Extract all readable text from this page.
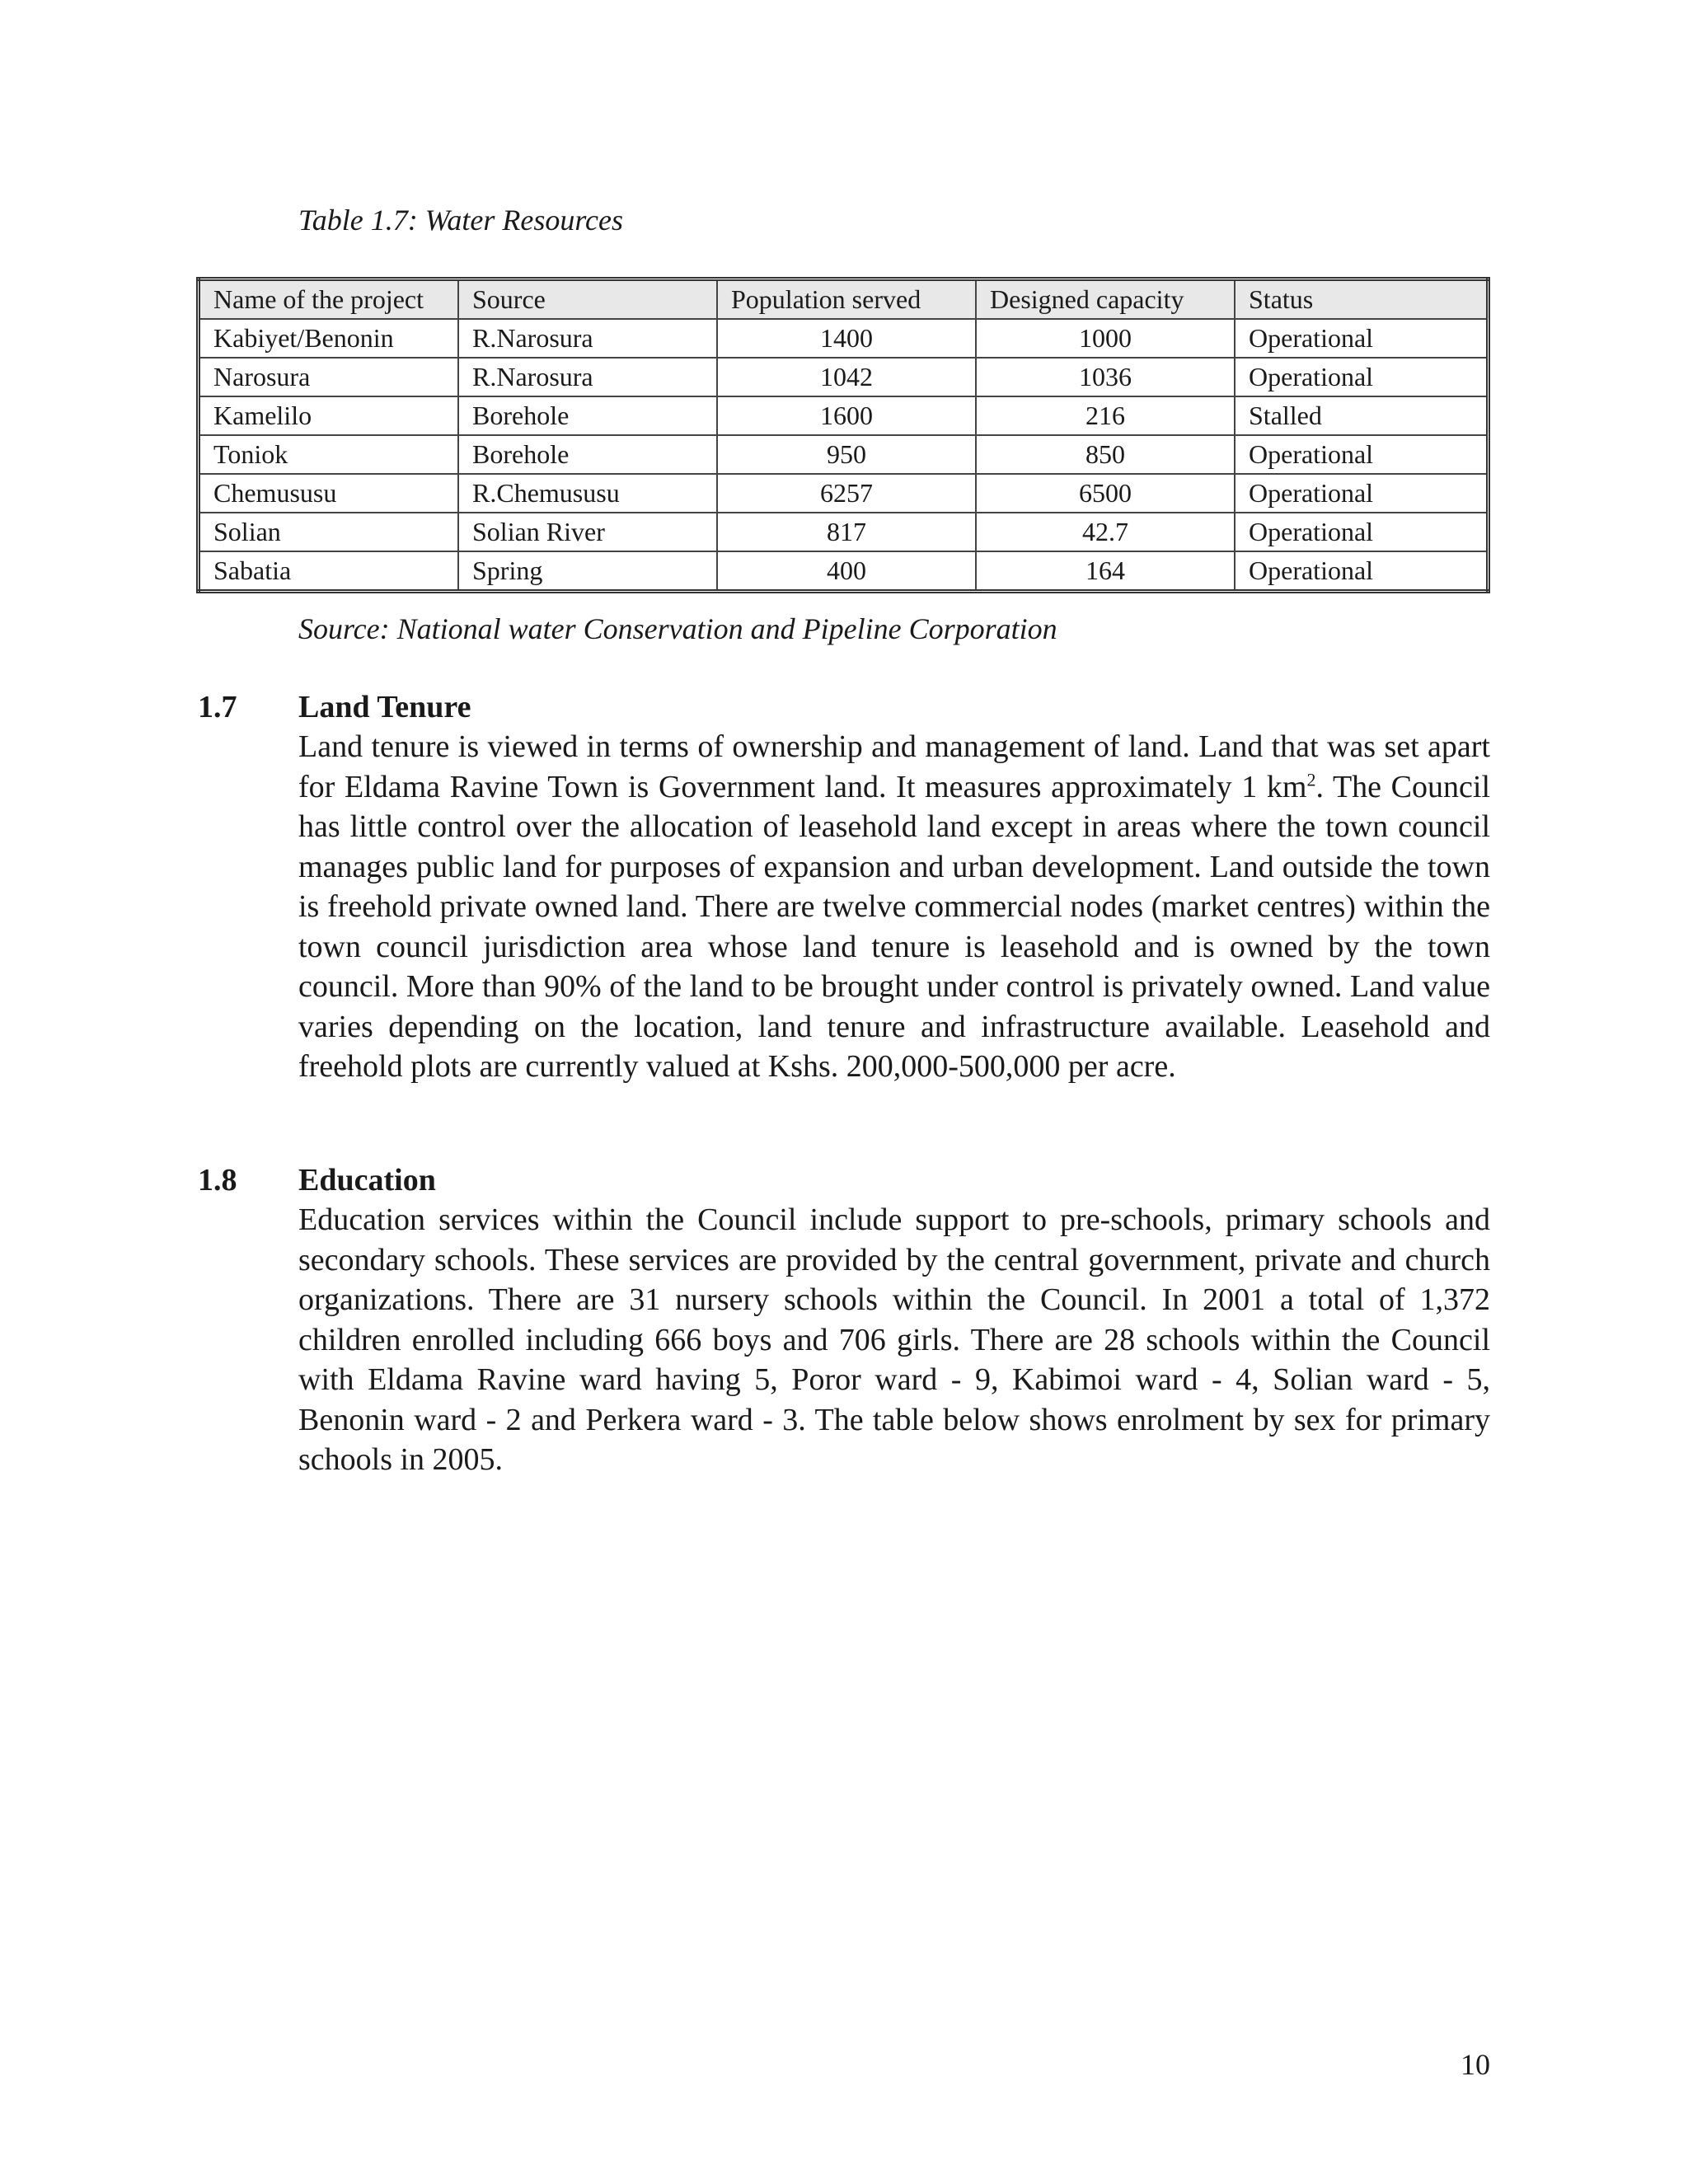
Table 1.7: Water Resources
Name of the project	Source	Population served	Designed capacity	Status
Kabiyet/Benonin	R.Narosura	1400	1000	Operational
Narosura	R.Narosura	1042	1036	Operational
Kamelilo	Borehole	1600	216	Stalled
Toniok	Borehole	950	850	Operational
Chemususu	R.Chemususu	6257	6500	Operational
Solian	Solian River	817	42.7	Operational
Sabatia	Spring	400	164	Operational
Source: National water Conservation and Pipeline Corporation
1.7 Land Tenure
Land tenure is viewed in terms of ownership and management of land. Land that was set apart for Eldama Ravine Town is Government land. It measures approximately 1 $km^2$. The Council has little control over the allocation of leasehold land except in areas where the town council manages public land for purposes of expansion and urban development. Land outside the town is freehold private owned land. There are twelve commercial nodes (market centres) within the town council jurisdiction area whose land tenure is leasehold and is owned by the town council. More than 90% of the land to be brought under control is privately owned. Land value varies depending on the location, land tenure and infrastructure available. Leasehold and freehold plots are currently valued at Kshs. 200,000-500,000 per acre.
1.8 Education
Education services within the Council include support to pre-schools, primary schools and secondary schools. These services are provided by the central government, private and church organizations. There are 31 nursery schools within the Council. In 2001 a total of 1,372 children enrolled including 666 boys and 706 girls. There are 28 schools within the Council with Eldama Ravine ward having 5, Poror ward - 9, Kabimoi ward - 4, Solian ward - 5, Benonin ward - 2 and Perkera ward - 3. The table below shows enrolment by sex for primary schools in 2005.
10
